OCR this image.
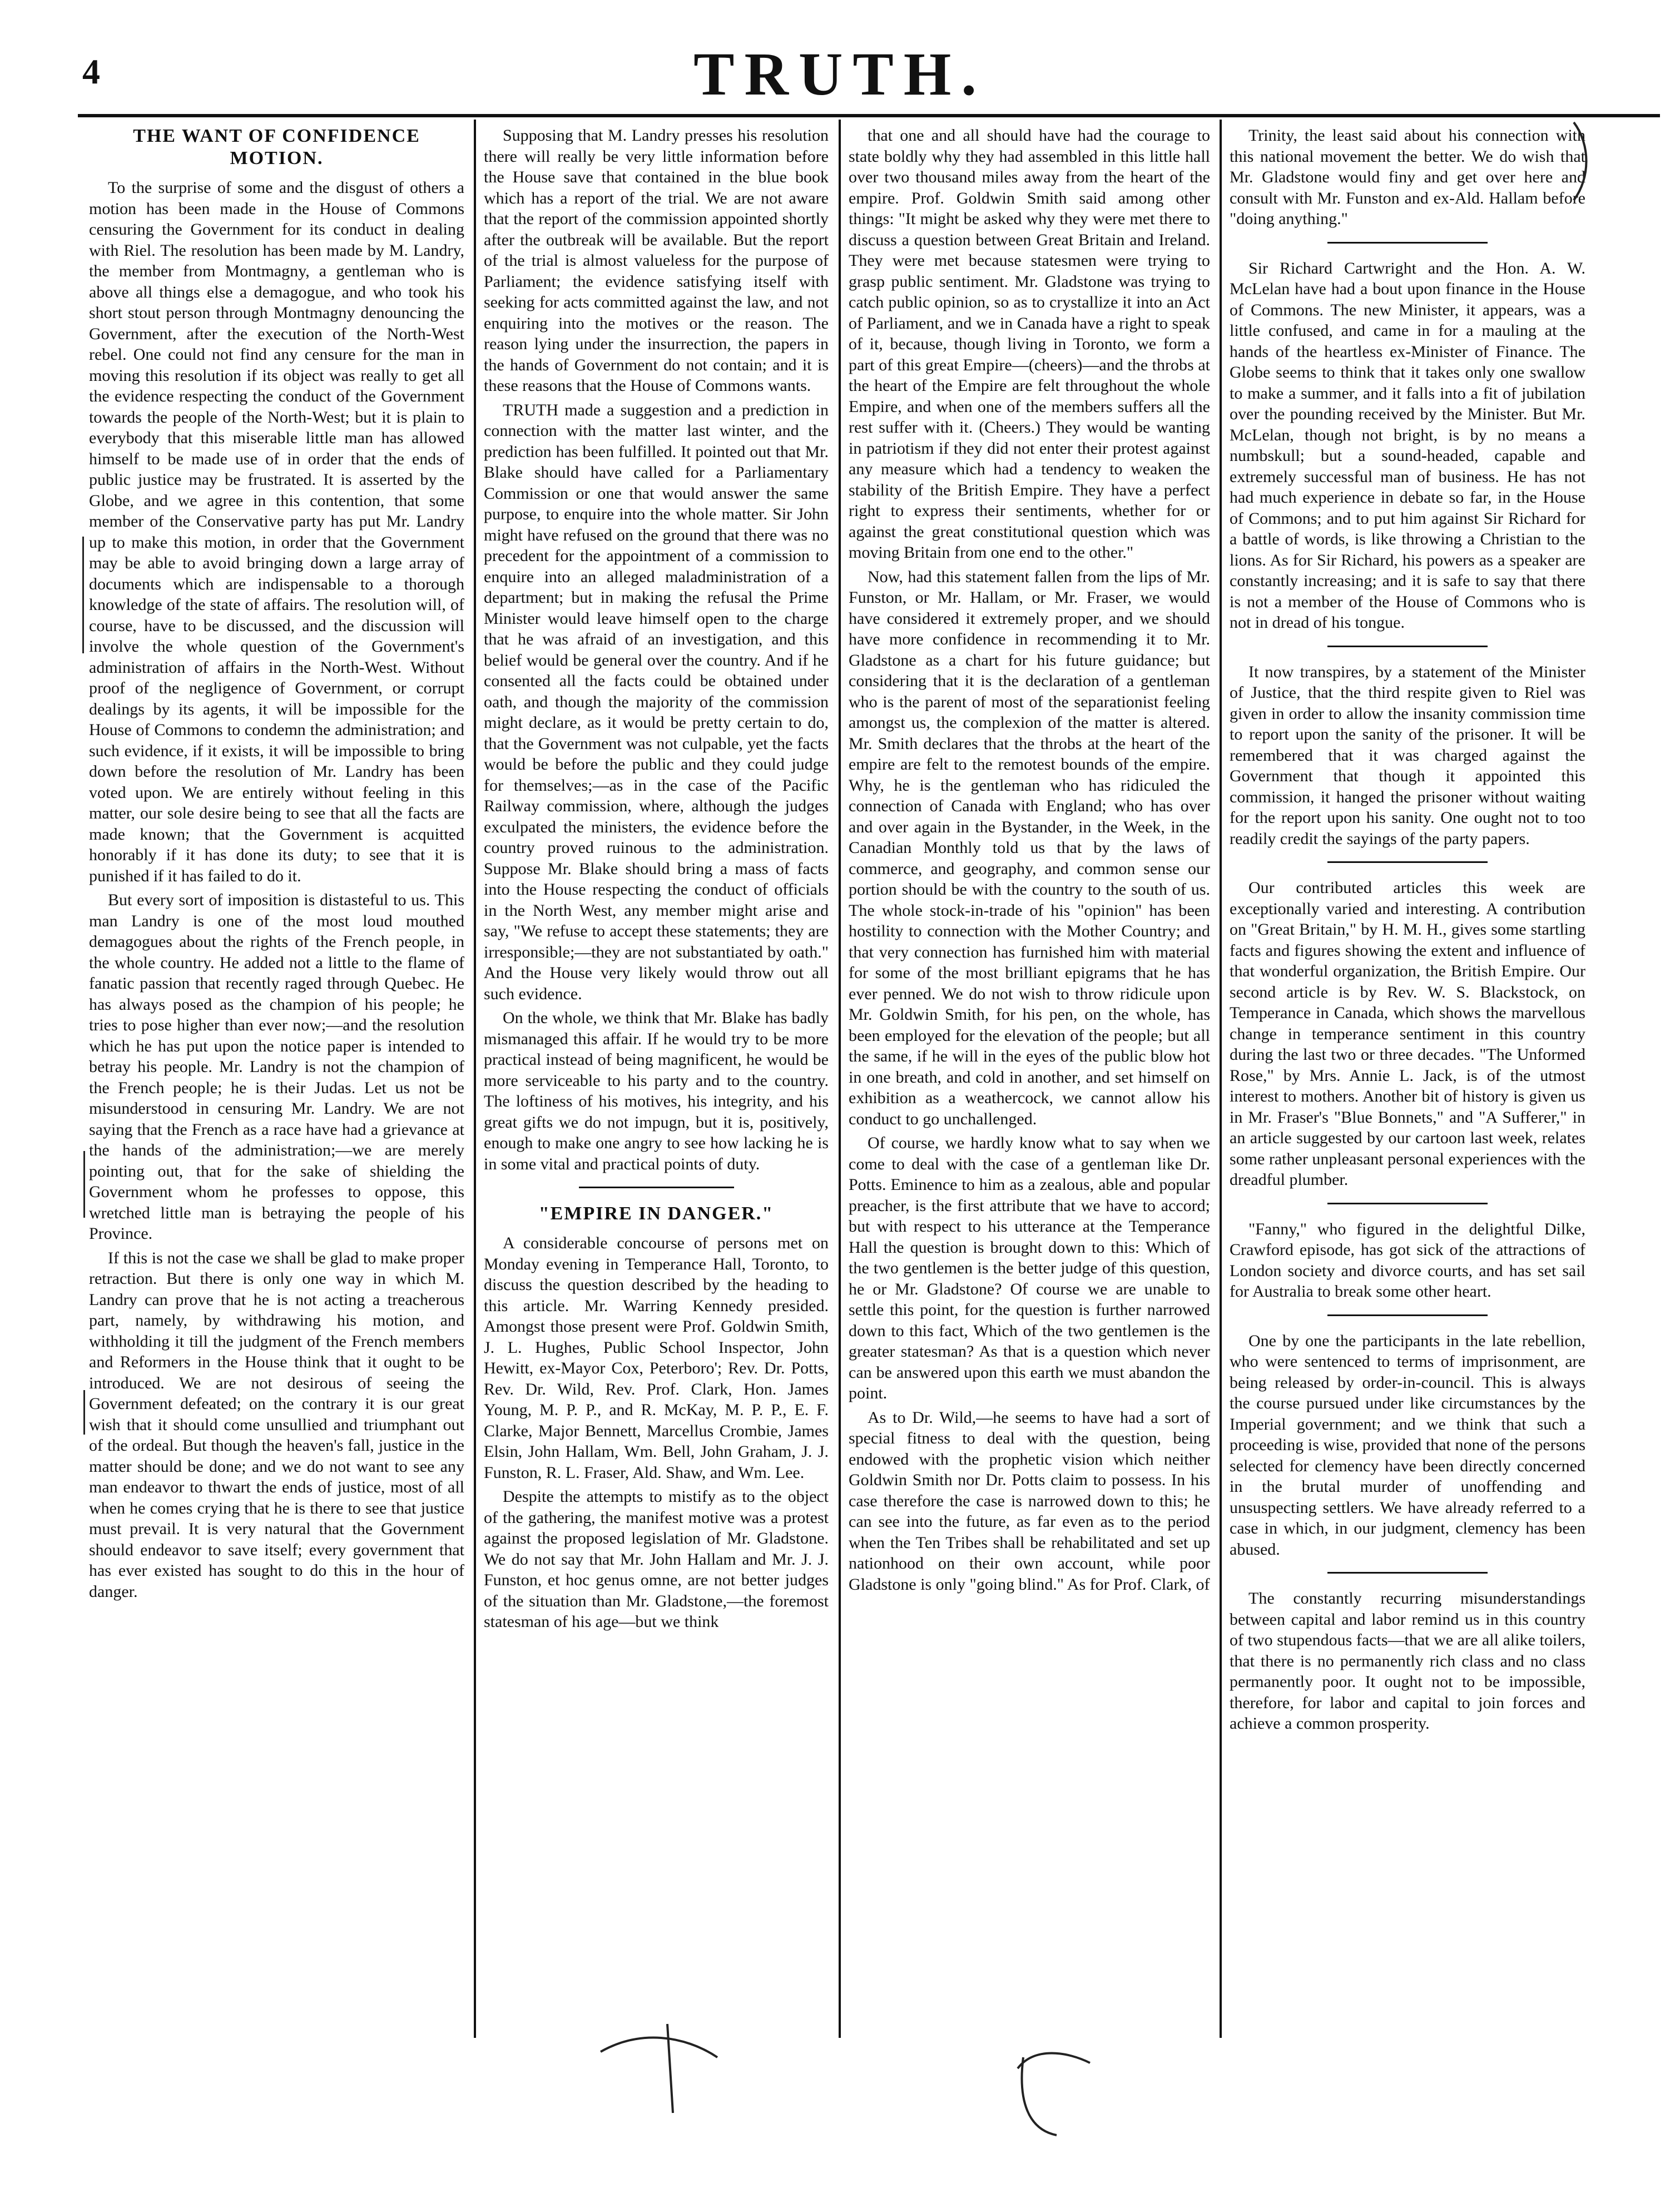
4	TRUTH.
THE WANT OF CONFIDENCE MOTION.

To the surprise of some and the disgust of others a motion has been made in the House of Commons censuring the Government for its conduct in dealing with Riel. The resolution has been made by M. Landry, the member from Montmagny, a gentleman who is above all things else a demagogue, and who took his short stout person through Montmagny denouncing the Government, after the execution of the North-West rebel. One could not find any censure for the man in moving this resolution if its object was really to get all the evidence respecting the conduct of the Government towards the people of the North-West; but it is plain to everybody that this miserable little man has allowed himself to be made use of in order that the ends of public justice may be frustrated. It is asserted by the Globe, and we agree in this contention, that some member of the Conservative party has put Mr. Landry up to make this motion, in order that the Government may be able to avoid bringing down a large array of documents which are indispensable to a thorough knowledge of the state of affairs. The resolution will, of course, have to be discussed, and the discussion will involve the whole question of the Government's administration of affairs in the North-West. Without proof of the negligence of Government, or corrupt dealings by its agents, it will be impossible for the House of Commons to condemn the administration; and such evidence, if it exists, it will be impossible to bring down before the resolution of Mr. Landry has been voted upon. We are entirely without feeling in this matter, our sole desire being to see that all the facts are made known; that the Government is acquitted honorably if it has done its duty; to see that it is punished if it has failed to do it.

But every sort of imposition is distasteful to us. This man Landry is one of the most loud mouthed demagogues about the rights of the French people, in the whole country. He added not a little to the flame of fanatic passion that recently raged through Quebec. He has always posed as the champion of his people; he tries to pose higher than ever now;—and the resolution which he has put upon the notice paper is intended to betray his people. Mr. Landry is not the champion of the French people; he is their Judas. Let us not be misunderstood in censuring Mr. Landry. We are not saying that the French as a race have had a grievance at the hands of the administration;—we are merely pointing out, that for the sake of shielding the Government whom he professes to oppose, this wretched little man is betraying the people of his Province.

If this is not the case we shall be glad to make proper retraction. But there is only one way in which M. Landry can prove that he is not acting a treacherous part, namely, by withdrawing his motion, and withholding it till the judgment of the French members and Reformers in the House think that it ought to be introduced. We are not desirous of seeing the Government defeated; on the contrary it is our great wish that it should come unsullied and triumphant out of the ordeal. But though the heaven's fall, justice in the matter should be done; and we do not want to see any man endeavor to thwart the ends of justice, most of all when he comes crying that he is there to see that justice must prevail. It is very natural that the Government should endeavor to save itself; every government that has ever existed has sought to do this in the hour of danger.

Supposing that M. Landry presses his resolution there will really be very little information before the House save that contained in the blue book which has a report of the trial. We are not aware that the report of the commission appointed shortly after the outbreak will be available. But the report of the trial is almost valueless for the purpose of Parliament; the evidence satisfying itself with seeking for acts committed against the law, and not enquiring into the motives or the reason. The reason lying under the insurrection, the papers in the hands of Government do not contain; and it is these reasons that the House of Commons wants.

TRUTH made a suggestion and a prediction in connection with the matter last winter, and the prediction has been fulfilled. It pointed out that Mr. Blake should have called for a Parliamentary Commission or one that would answer the same purpose, to enquire into the whole matter. Sir John might have refused on the ground that there was no precedent for the appointment of a commission to enquire into an alleged maladministration of a department; but in making the refusal the Prime Minister would leave himself open to the charge that he was afraid of an investigation, and this belief would be general over the country. And if he consented all the facts could be obtained under oath, and though the majority of the commission might declare, as it would be pretty certain to do, that the Government was not culpable, yet the facts would be before the public and they could judge for themselves;—as in the case of the Pacific Railway commission, where, although the judges exculpated the ministers, the evidence before the country proved ruinous to the administration. Suppose Mr. Blake should bring a mass of facts into the House respecting the conduct of officials in the North West, any member might arise and say, "We refuse to accept these statements; they are irresponsible;—they are not substantiated by oath." And the House very likely would throw out all such evidence.

On the whole, we think that Mr. Blake has badly mismanaged this affair. If he would try to be more practical instead of being magnificent, he would be more serviceable to his party and to the country. The loftiness of his motives, his integrity, and his great gifts we do not impugn, but it is, positively, enough to make one angry to see how lacking he is in some vital and practical points of duty.

"EMPIRE IN DANGER."

A considerable concourse of persons met on Monday evening in Temperance Hall, Toronto, to discuss the question described by the heading to this article. Mr. Warring Kennedy presided. Amongst those present were Prof. Goldwin Smith, J. L. Hughes, Public School Inspector, John Hewitt, ex-Mayor Cox, Peterboro'; Rev. Dr. Potts, Rev. Dr. Wild, Rev. Prof. Clark, Hon. James Young, M. P. P., and R. McKay, M. P. P., E. F. Clarke, Major Bennett, Marcellus Crombie, James Elsin, John Hallam, Wm. Bell, John Graham, J. J. Funston, R. L. Fraser, Ald. Shaw, and Wm. Lee.

Despite the attempts to mistify as to the object of the gathering, the manifest motive was a protest against the proposed legislation of Mr. Gladstone. We do not say that Mr. John Hallam and Mr. J. J. Funston, et hoc genus omne, are not better judges of the situation than Mr. Gladstone,—the foremost statesman of his age—but we think

that one and all should have had the courage to state boldly why they had assembled in this little hall over two thousand miles away from the heart of the empire. Prof. Goldwin Smith said among other things: "It might be asked why they were met there to discuss a question between Great Britain and Ireland. They were met because statesmen were trying to grasp public sentiment. Mr. Gladstone was trying to catch public opinion, so as to crystallize it into an Act of Parliament, and we in Canada have a right to speak of it, because, though living in Toronto, we form a part of this great Empire—(cheers)—and the throbs at the heart of the Empire are felt throughout the whole Empire, and when one of the members suffers all the rest suffer with it. (Cheers.) They would be wanting in patriotism if they did not enter their protest against any measure which had a tendency to weaken the stability of the British Empire. They have a perfect right to express their sentiments, whether for or against the great constitutional question which was moving Britain from one end to the other."

Now, had this statement fallen from the lips of Mr. Funston, or Mr. Hallam, or Mr. Fraser, we would have considered it extremely proper, and we should have more confidence in recommending it to Mr. Gladstone as a chart for his future guidance; but considering that it is the declaration of a gentleman who is the parent of most of the separationist feeling amongst us, the complexion of the matter is altered. Mr. Smith declares that the throbs at the heart of the empire are felt to the remotest bounds of the empire. Why, he is the gentleman who has ridiculed the connection of Canada with England; who has over and over again in the Bystander, in the Week, in the Canadian Monthly told us that by the laws of commerce, and geography, and common sense our portion should be with the country to the south of us. The whole stock-in-trade of his "opinion" has been hostility to connection with the Mother Country; and that very connection has furnished him with material for some of the most brilliant epigrams that he has ever penned. We do not wish to throw ridicule upon Mr. Goldwin Smith, for his pen, on the whole, has been employed for the elevation of the people; but all the same, if he will in the eyes of the public blow hot in one breath, and cold in another, and set himself on exhibition as a weathercock, we cannot allow his conduct to go unchallenged.

Of course, we hardly know what to say when we come to deal with the case of a gentleman like Dr. Potts. Eminence to him as a zealous, able and popular preacher, is the first attribute that we have to accord; but with respect to his utterance at the Temperance Hall the question is brought down to this: Which of the two gentlemen is the better judge of this question, he or Mr. Gladstone? Of course we are unable to settle this point, for the question is further narrowed down to this fact, Which of the two gentlemen is the greater statesman? As that is a question which never can be answered upon this earth we must abandon the point.

As to Dr. Wild,—he seems to have had a sort of special fitness to deal with the question, being endowed with the prophetic vision which neither Goldwin Smith nor Dr. Potts claim to possess. In his case therefore the case is narrowed down to this; he can see into the future, as far even as to the period when the Ten Tribes shall be rehabilitated and set up nationhood on their own account, while poor Gladstone is only "going blind." As for Prof. Clark, of

Trinity, the least said about his connection with this national movement the better. We do wish that Mr. Gladstone would finy and get over here and consult with Mr. Funston and ex-Ald. Hallam before "doing anything."

Sir Richard Cartwright and the Hon. A. W. McLelan have had a bout upon finance in the House of Commons. The new Minister, it appears, was a little confused, and came in for a mauling at the hands of the heartless ex-Minister of Finance. The Globe seems to think that it takes only one swallow to make a summer, and it falls into a fit of jubilation over the pounding received by the Minister. But Mr. McLelan, though not bright, is by no means a numbskull; but a sound-headed, capable and extremely successful man of business. He has not had much experience in debate so far, in the House of Commons; and to put him against Sir Richard for a battle of words, is like throwing a Christian to the lions. As for Sir Richard, his powers as a speaker are constantly increasing; and it is safe to say that there is not a member of the House of Commons who is not in dread of his tongue.

It now transpires, by a statement of the Minister of Justice, that the third respite given to Riel was given in order to allow the insanity commission time to report upon the sanity of the prisoner. It will be remembered that it was charged against the Government that though it appointed this commission, it hanged the prisoner without waiting for the report upon his sanity. One ought not to too readily credit the sayings of the party papers.

Our contributed articles this week are exceptionally varied and interesting. A contribution on "Great Britain," by H. M. H., gives some startling facts and figures showing the extent and influence of that wonderful organization, the British Empire. Our second article is by Rev. W. S. Blackstock, on Temperance in Canada, which shows the marvellous change in temperance sentiment in this country during the last two or three decades. "The Unformed Rose," by Mrs. Annie L. Jack, is of the utmost interest to mothers. Another bit of history is given us in Mr. Fraser's "Blue Bonnets," and "A Sufferer," in an article suggested by our cartoon last week, relates some rather unpleasant personal experiences with the dreadful plumber.

"Fanny," who figured in the delightful Dilke, Crawford episode, has got sick of the attractions of London society and divorce courts, and has set sail for Australia to break some other heart.

One by one the participants in the late rebellion, who were sentenced to terms of imprisonment, are being released by order-in-council. This is always the course pursued under like circumstances by the Imperial government; and we think that such a proceeding is wise, provided that none of the persons selected for clemency have been directly concerned in the brutal murder of unoffending and unsuspecting settlers. We have already referred to a case in which, in our judgment, clemency has been abused.

The constantly recurring misunderstandings between capital and labor remind us in this country of two stupendous facts—that we are all alike toilers, that there is no permanently rich class and no class permanently poor. It ought not to be impossible, therefore, for labor and capital to join forces and achieve a common prosperity.
